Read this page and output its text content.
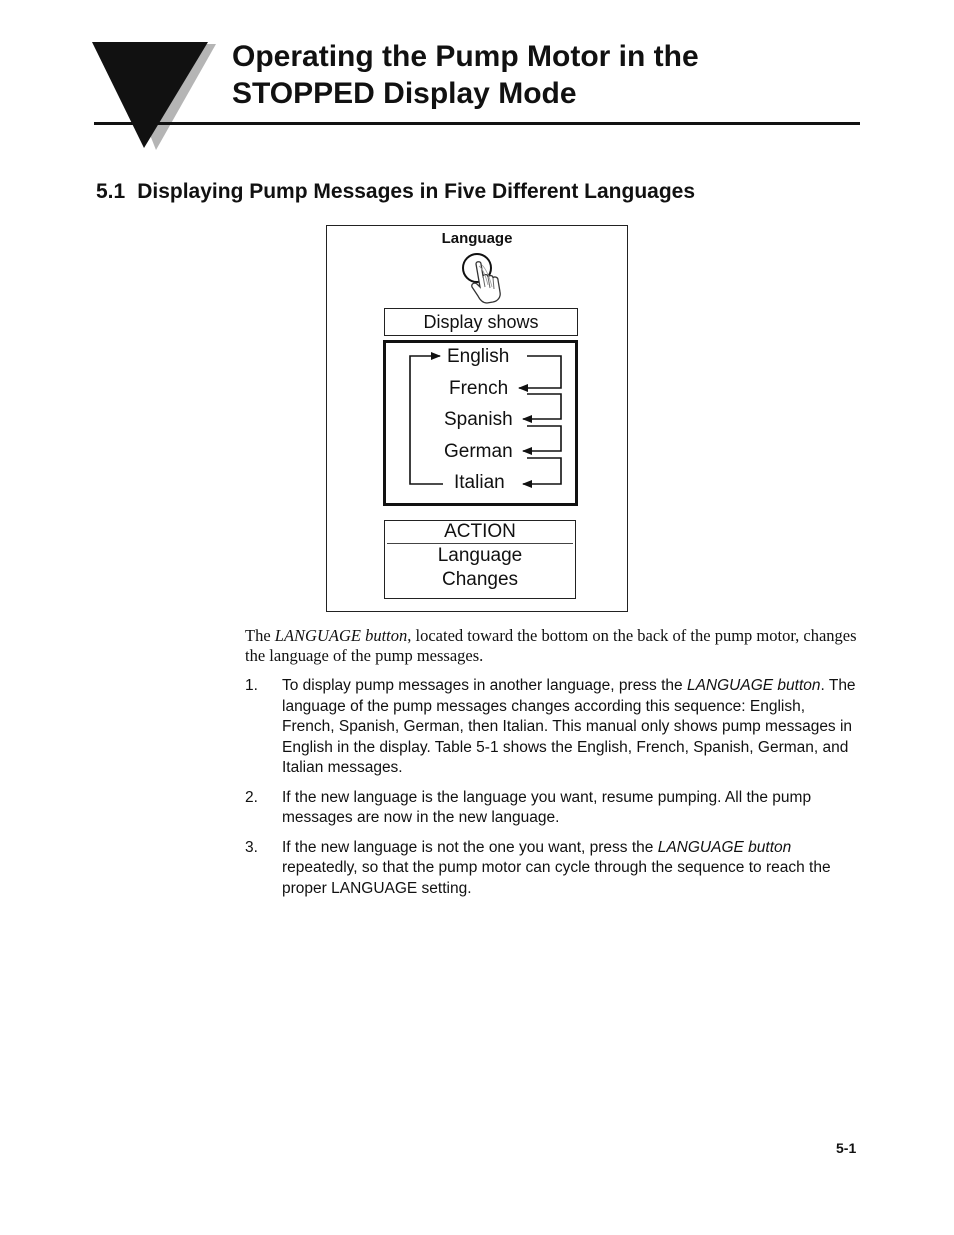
Operating the Pump Motor in the
STOPPED Display Mode
5.1 Displaying Pump Messages in Five Different Languages
Language
Display shows
English
French
Spanish
German
Italian
ACTION
Language
Changes

The LANGUAGE button, located toward the bottom on the back of the pump motor, changes the language of the pump messages.

1.	To display pump messages in another language, press the LANGUAGE button. The language of the pump messages changes according this sequence: English, French, Spanish, German, then Italian. This manual only shows pump messages in English in the display. Table 5-1 shows the English, French, Spanish, German, and Italian messages.
2.	If the new language is the language you want, resume pumping. All the pump messages are now in the new language.
3.	If the new language is not the one you want, press the LANGUAGE button repeatedly, so that the pump motor can cycle through the sequence to reach the proper LANGUAGE setting.
5-1
